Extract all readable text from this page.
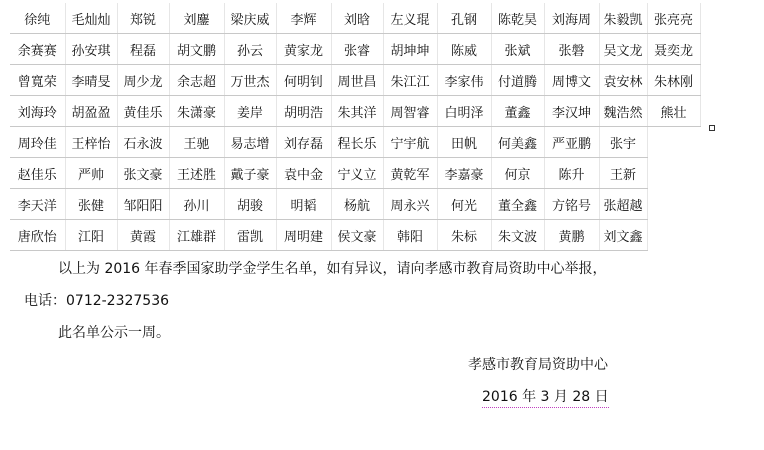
徐纯	毛灿灿	郑锐	刘鏖	梁庆威	李辉	刘晗	左义琨	孔钢	陈乾昊	刘海周	朱毅凯	张亮亮
余赛赛	孙安琪	程磊	胡文鹏	孙云	黄家龙	张睿	胡坤坤	陈威	张斌	张磐	吴文龙	聂奕龙
曾寬荣	李晴旻	周少龙	余志超	万世杰	何明钊	周世昌	朱江江	李家伟	付道腾	周博文	袁安林	朱林刚
刘海玲	胡盈盈	黄佳乐	朱潇豪	姜岸	胡明浩	朱其洋	周智睿	白明泽	董鑫	李汉坤	魏浩然	熊壮
周玲佳	王梓怡	石永波	王驰	易志增	刘存磊	程长乐	宁宇航	田帆	何美鑫	严亚鹏	张宇	
赵佳乐	严帅	张文豪	王述胜	戴子豪	袁中金	宁义立	黄乾军	李嘉豪	何京	陈升	王新	
李天洋	张健	邹阳阳	孙川	胡骏	明韬	杨航	周永兴	何光	董全鑫	方铭号	张超越	
唐欣怡	江阳	黄霞	江雄群	雷凯	周明建	侯文豪	韩阳	朱标	朱文波	黄鹏	刘文鑫	
以上为 2016 年春季国家助学金学生名单，如有异议，请向孝感市教育局资助中心举报，
电话：0712-2327536
此名单公示一周。
孝感市教育局资助中心
2016 年 3 月 28 日
